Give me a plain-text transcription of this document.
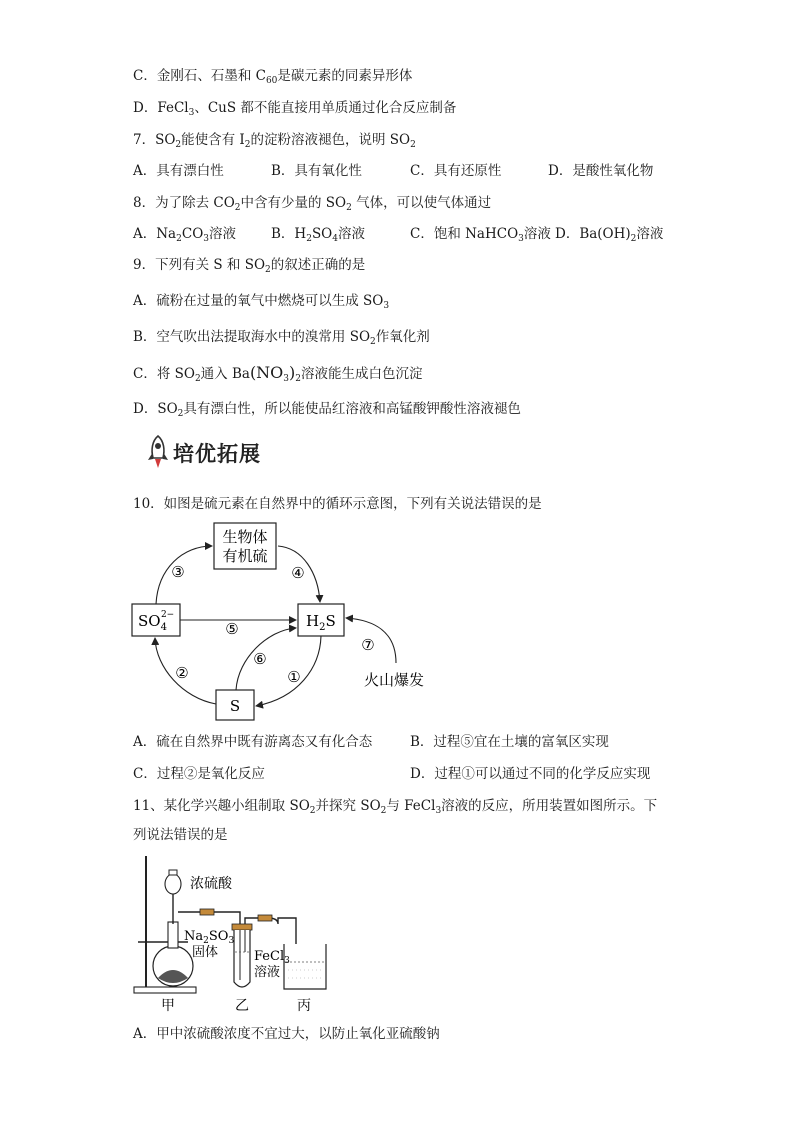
C．金刚石、石墨和 $C_{60}$是碳元素的同素异形体
D．FeCl$_3$、CuS 都不能直接用单质通过化合反应制备
7．$SO_2$能使含有 $I_2$的淀粉溶液褪色，说明 $SO_2$
A．具有漂白性	B．具有氧化性	C．具有还原性	D．是酸性氧化物
8．为了除去 $CO_2$中含有少量的 $SO_2$ 气体，可以使气体通过
A．$Na_2CO_3$溶液	B．$H_2SO_4$溶液	C．饱和 NaHCO$_3$溶液 D．$Ba(OH)_2$溶液
9．下列有关 S 和 $SO_2$的叙述正确的是
A．硫粉在过量的氧气中燃烧可以生成 $SO_3$
B．空气吹出法提取海水中的溴常用 $SO_2$作氧化剂
C．将 $SO_2$通入 $Ba(NO_3)_2$溶液能生成白色沉淀
D．$SO_2$具有漂白性，所以能使品红溶液和高锰酸钾酸性溶液褪色
培优拓展
10．如图是硫元素在自然界中的循环示意图，下列有关说法错误的是
生物体
有机硫
$SO_42-$	$H_2S$
S
③	④
⑤
②
⑥
①
⑦
火山爆发
A．硫在自然界中既有游离态又有化合态	B．过程⑤宜在土壤的富氧区实现
C．过程②是氧化反应	D．过程①可以通过不同的化学反应实现
11、某化学兴趣小组制取 $SO_2$并探究 $SO_2$与 FeCl$_3$溶液的反应，所用装置如图所示。下
列说法错误的是
浓硫酸
$Na_2SO_3$
固体	FeCl$_3$
溶液
甲	乙	丙
A．甲中浓硫酸浓度不宜过大，以防止氧化亚硫酸钠
